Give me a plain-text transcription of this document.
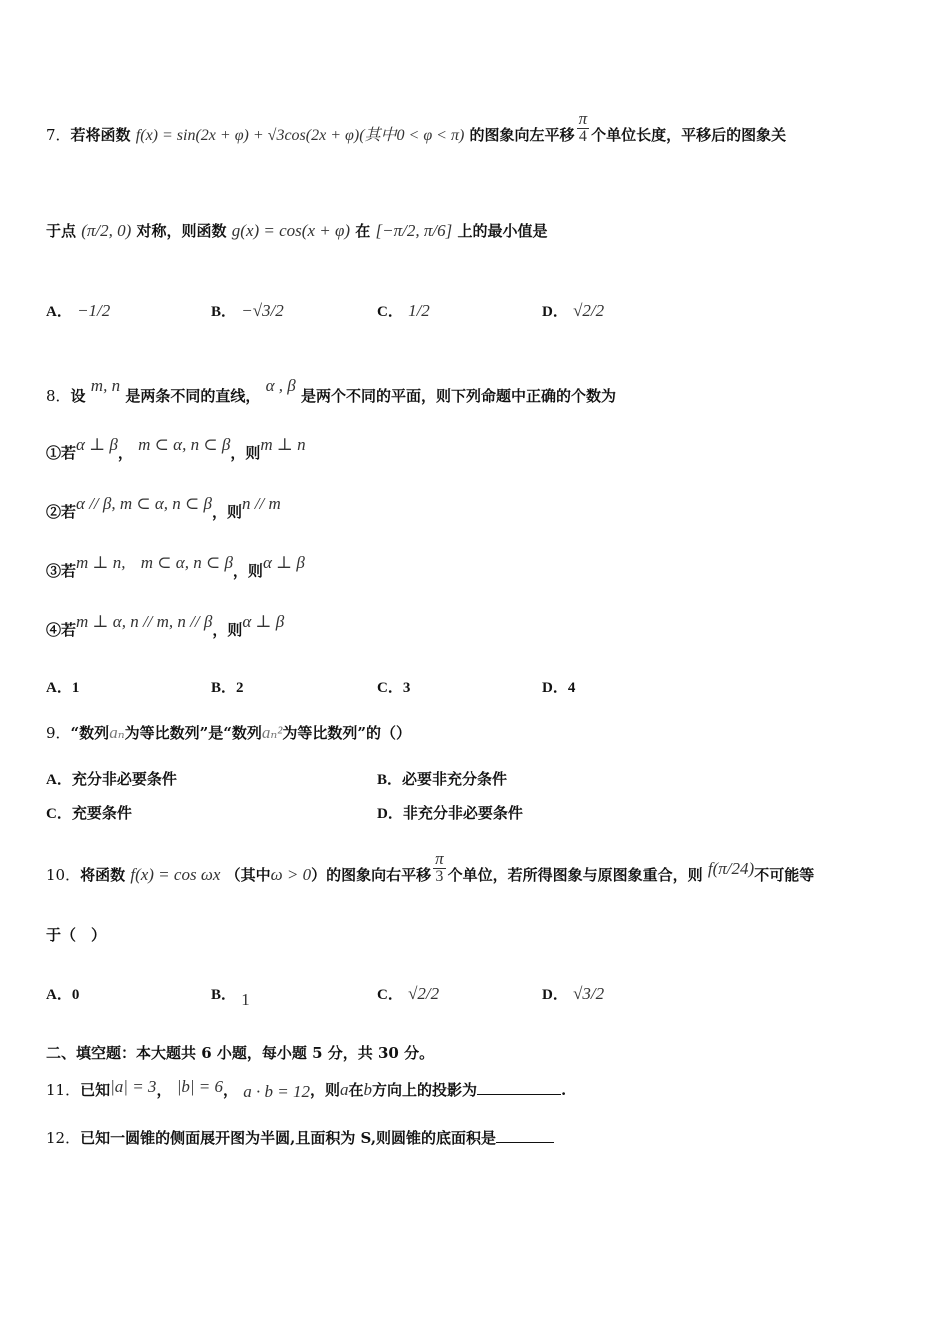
7．若将函数 f(x) = sin(2x + φ) + √3cos(2x + φ)(其中0 < φ < π) 的图象向左平移 $\frac{\pi}{4}$ 个单位长度，平移后的图象关
于点 (π/2, 0) 对称，则函数 g(x) = cos(x + φ) 在 [−π/2, π/6] 上的最小值是
A． −1/2	B． −√3/2	C． 1/2	D． √2/2
8．设 m, n 是两条不同的直线， α , β 是两个不同的平面，则下列命题中正确的个数为
①若α ⊥ β， m ⊂ α, n ⊂ β，则m ⊥ n
②若α // β, m ⊂ α, n ⊂ β，则n // m
③若m ⊥ n, m ⊂ α, n ⊂ β，则α ⊥ β
④若m ⊥ α, n // m, n // β，则α ⊥ β
A．1	B．2	C．3	D．4
9．“数列aₙ为等比数列”是“数列aₙ²为等比数列”的（）
A．充分非必要条件	B．必要非充分条件
C．充要条件	D．非充分非必要条件
10．将函数 f(x) = cos ωx （其中ω > 0）的图象向右平移 $\frac{\pi}{3}$ 个单位，若所得图象与原图象重合，则 f(π/24)不可能等
于（　）
A．0	B． 1	C． √2/2	D． √3/2
二、填空题：本大题共 6 小题，每小题 5 分，共 30 分。
11．已知|a| = 3， |b| = 6， a · b = 12，则a在b方向上的投影为	.
12．已知一圆锥的侧面展开图为半圆,且面积为 S,则圆锥的底面积是
